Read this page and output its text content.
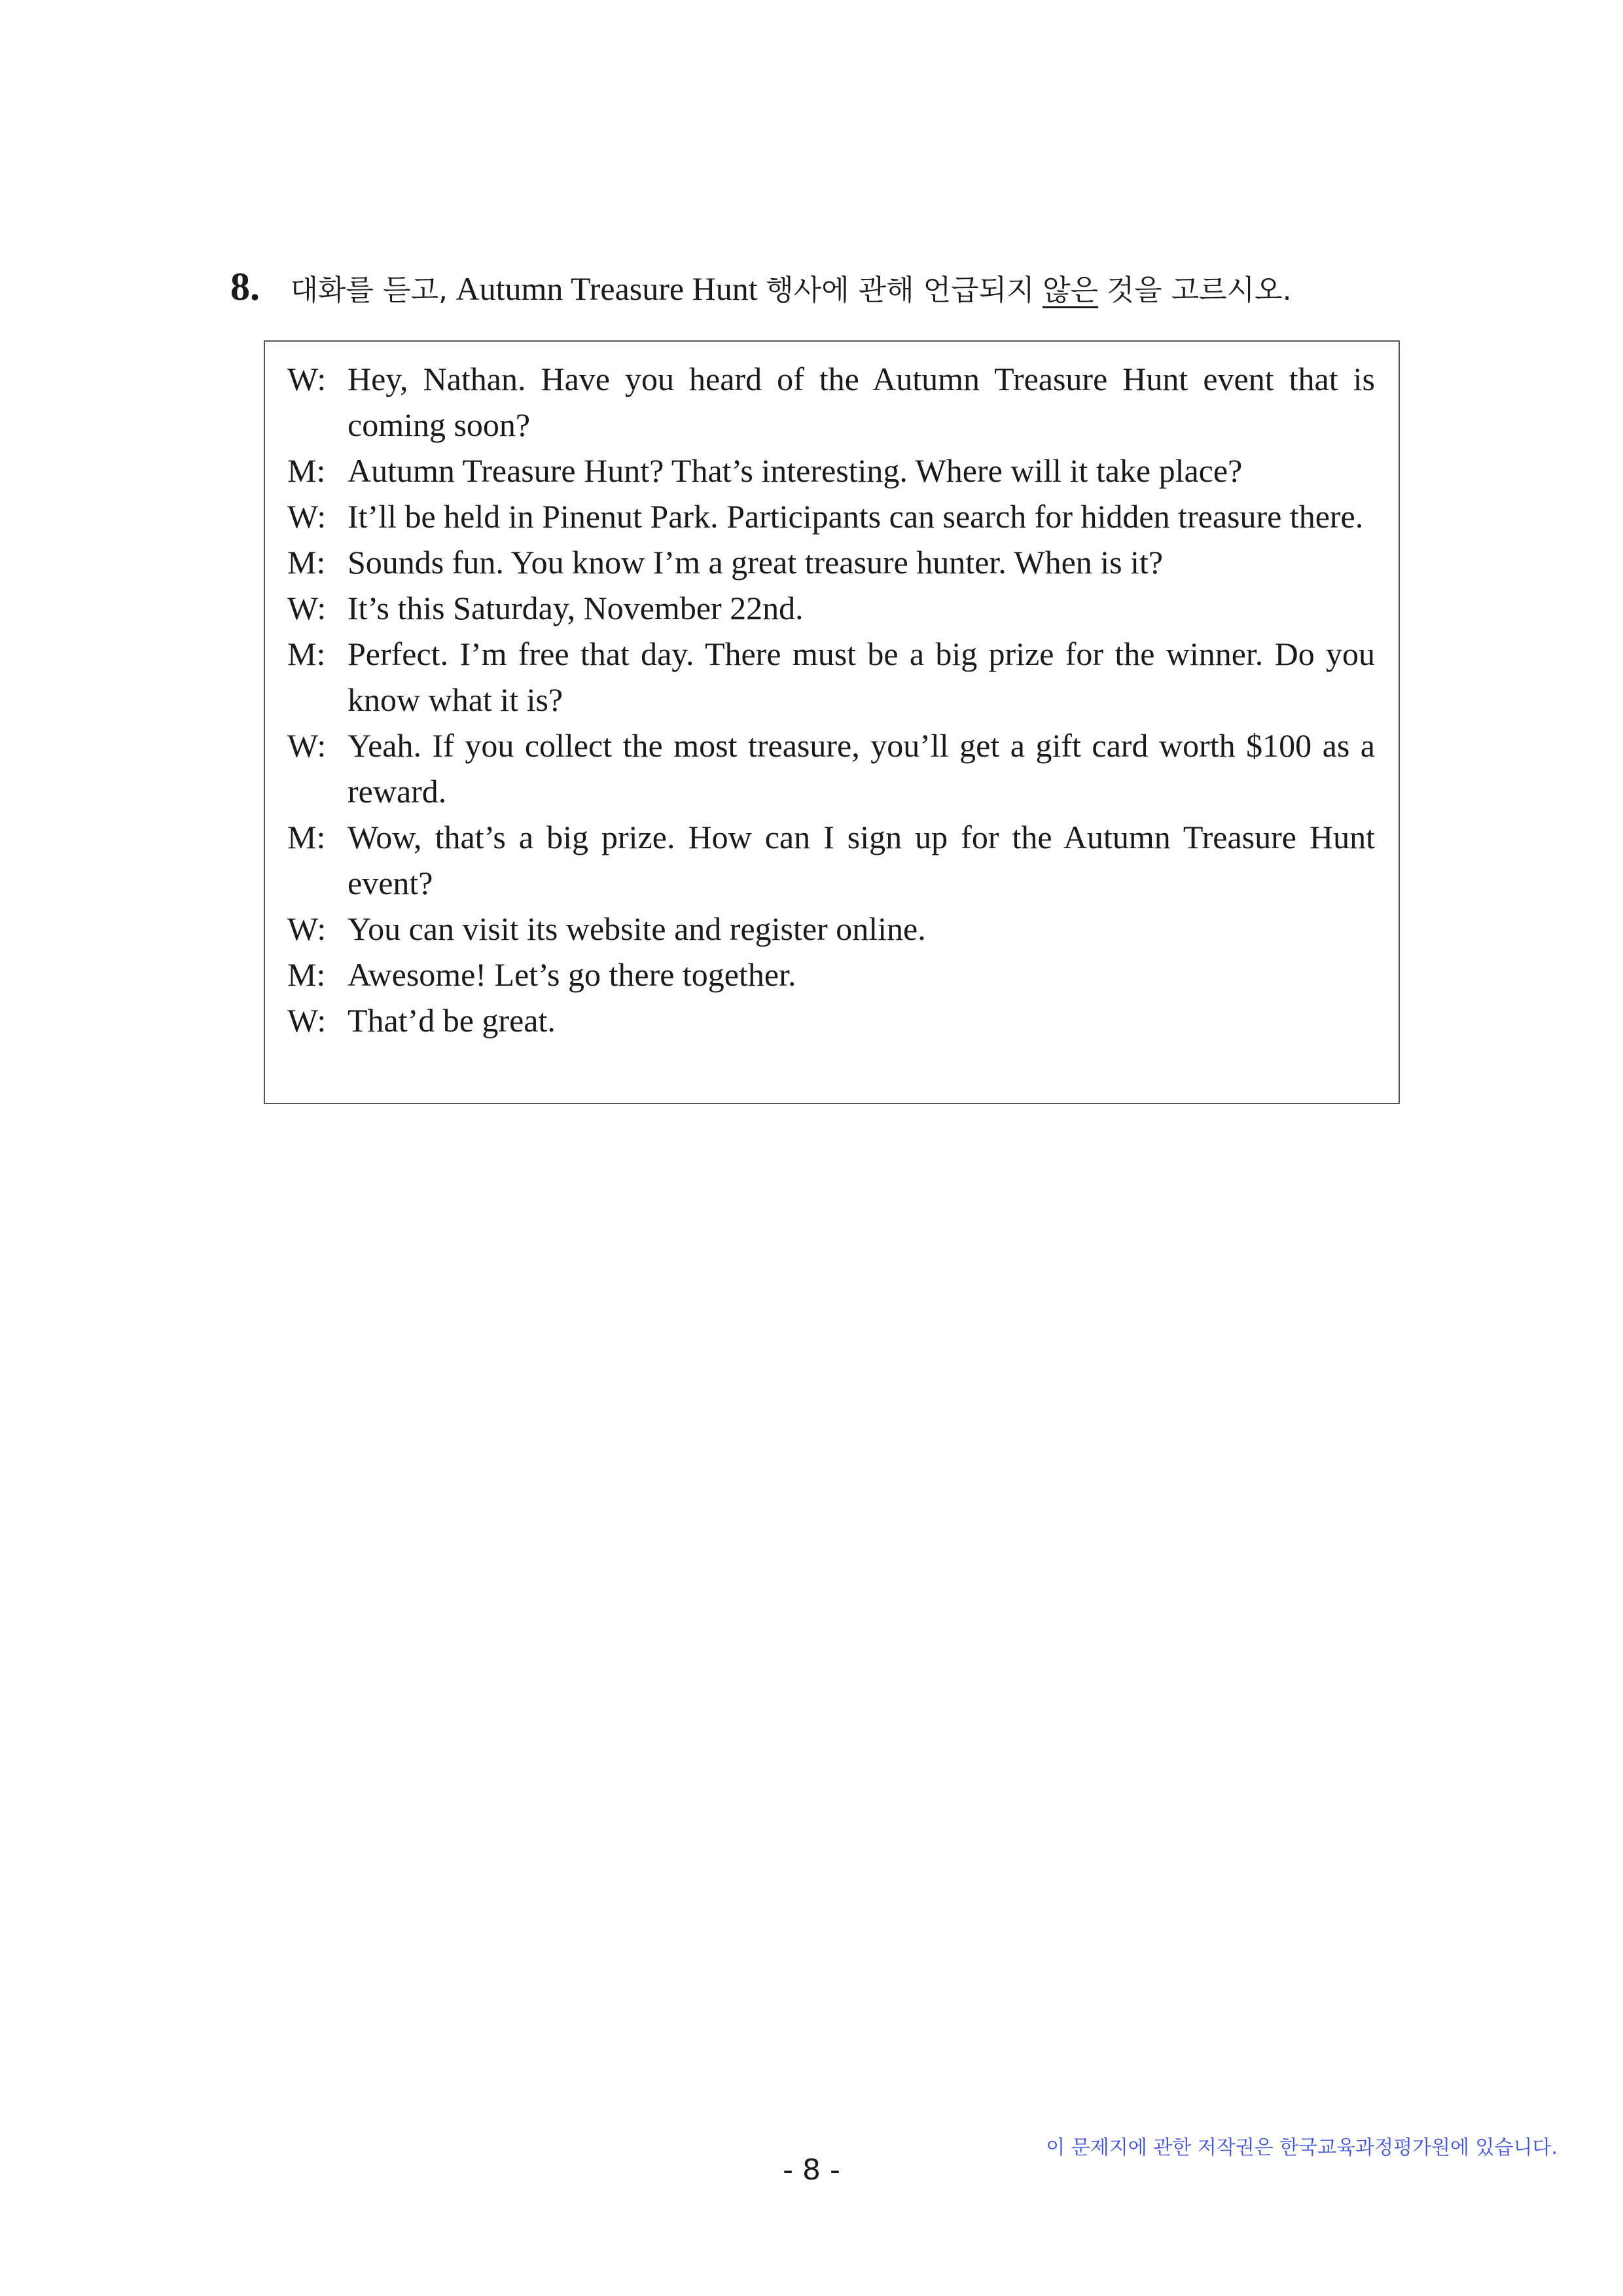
8. 대화를 듣고, Autumn Treasure Hunt 행사에 관해 언급되지 않은 것을 고르시오.
W: Hey, Nathan. Have you heard of the Autumn Treasure Hunt event that is coming soon?
M: Autumn Treasure Hunt? That’s interesting. Where will it take place?
W: It’ll be held in Pinenut Park. Participants can search for hidden treasure there.
M: Sounds fun. You know I’m a great treasure hunter. When is it?
W: It’s this Saturday, November 22nd.
M: Perfect. I’m free that day. There must be a big prize for the winner. Do you know what it is?
W: Yeah. If you collect the most treasure, you’ll get a gift card worth $100 as a reward.
M: Wow, that’s a big prize. How can I sign up for the Autumn Treasure Hunt event?
W: You can visit its website and register online.
M: Awesome! Let’s go there together.
W: That’d be great.
이 문제지에 관한 저작권은 한국교육과정평가원에 있습니다.
- 8 -
